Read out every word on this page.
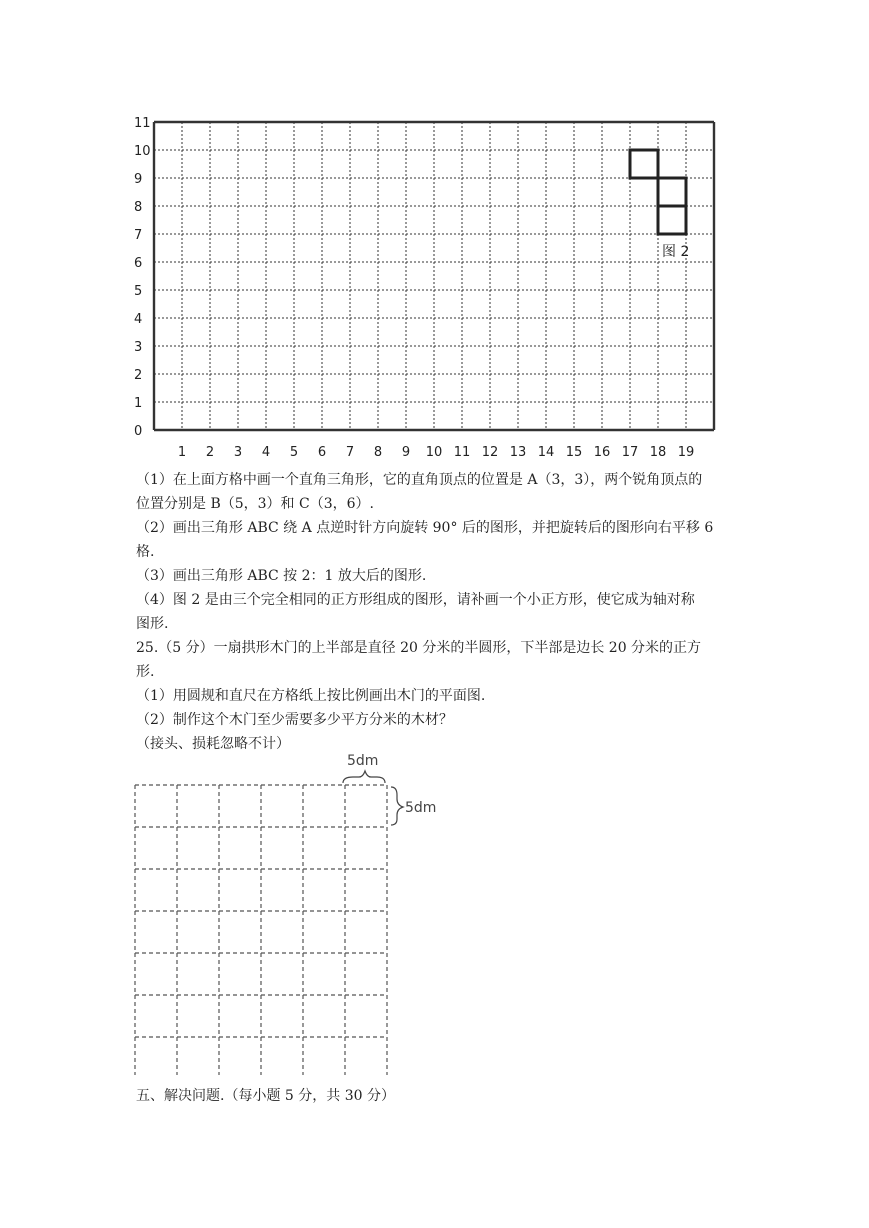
图 2
11
10
9
8
7
6
5
4
3
2
1
0
1 2 3 4 5 6 7 8 9 10 11 12 13 14 15 16 17 18 19
（1）在上面方格中画一个直角三角形，它的直角顶点的位置是 A（3，3），两个锐角顶点的
位置分别是 B（5，3）和 C（3，6）.
（2）画出三角形 ABC 绕 A 点逆时针方向旋转 90° 后的图形，并把旋转后的图形向右平移 6
格.
（3）画出三角形 ABC 按 2：1 放大后的图形.
（4）图 2 是由三个完全相同的正方形组成的图形，请补画一个小正方形，使它成为轴对称
图形.
25.（5 分）一扇拱形木门的上半部是直径 20 分米的半圆形，下半部是边长 20 分米的正方
形.
（1）用圆规和直尺在方格纸上按比例画出木门的平面图.
（2）制作这个木门至少需要多少平方分米的木材？
（接头、损耗忽略不计）
5dm
5dm
五、解决问题.（每小题 5 分，共 30 分）
